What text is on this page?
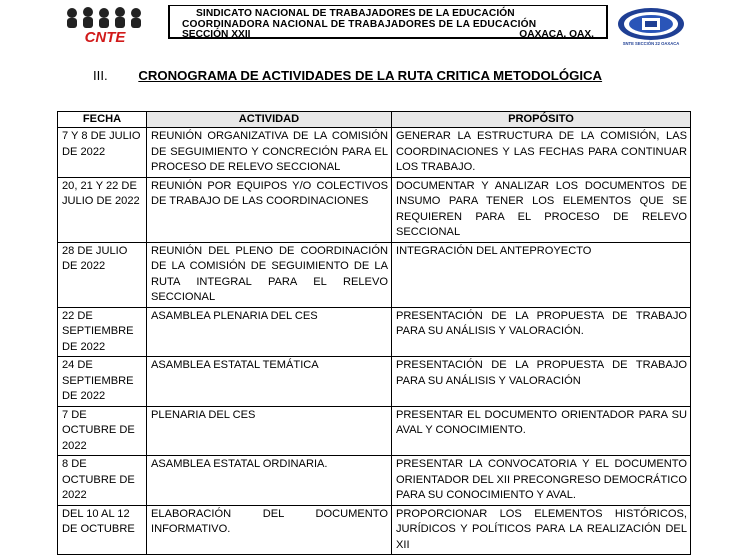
CNTE
SINDICATO NACIONAL DE TRABAJADORES DE LA EDUCACIÓN
COORDINADORA NACIONAL DE TRABAJADORES DE LA EDUCACIÓN
SECCIÓN XXII	OAXACA, OAX.
SNTE SECCIÓN 22 OAXACA
III. CRONOGRAMA DE ACTIVIDADES DE LA RUTA CRITICA METODOLÓGICA
FECHA	ACTIVIDAD	PROPÓSITO
7 Y 8 DE JULIO DE 2022	REUNIÓN ORGANIZATIVA DE LA COMISIÓN DE SEGUIMIENTO Y CONCRECIÓN PARA EL PROCESO DE RELEVO SECCIONAL	GENERAR LA ESTRUCTURA DE LA COMISIÓN, LAS COORDINACIONES Y LAS FECHAS PARA CONTINUAR LOS TRABAJO.
20, 21 Y 22 DE JULIO DE 2022	REUNIÓN POR EQUIPOS Y/O COLECTIVOS DE TRABAJO DE LAS COORDINACIONES	DOCUMENTAR Y ANALIZAR LOS DOCUMENTOS DE INSUMO PARA TENER LOS ELEMENTOS QUE SE REQUIEREN PARA EL PROCESO DE RELEVO SECCIONAL
28 DE JULIO DE 2022	REUNIÓN DEL PLENO DE COORDINACIÓN DE LA COMISIÓN DE SEGUIMIENTO DE LA RUTA INTEGRAL PARA EL RELEVO SECCIONAL	INTEGRACIÓN DEL ANTEPROYECTO
22 DE SEPTIEMBRE DE 2022	ASAMBLEA PLENARIA DEL CES	PRESENTACIÓN DE LA PROPUESTA DE TRABAJO PARA SU ANÁLISIS Y VALORACIÓN.
24 DE SEPTIEMBRE DE 2022	ASAMBLEA ESTATAL TEMÁTICA	PRESENTACIÓN DE LA PROPUESTA DE TRABAJO PARA SU ANÁLISIS Y VALORACIÓN
7 DE OCTUBRE DE 2022	PLENARIA DEL CES	PRESENTAR EL DOCUMENTO ORIENTADOR PARA SU AVAL Y CONOCIMIENTO.
8 DE OCTUBRE DE 2022	ASAMBLEA ESTATAL ORDINARIA.	PRESENTAR LA CONVOCATORIA Y EL DOCUMENTO ORIENTADOR DEL XII PRECONGRESO DEMOCRÁTICO PARA SU CONOCIMIENTO Y AVAL.
DEL 10 AL 12 DE OCTUBRE	ELABORACIÓN DEL DOCUMENTO INFORMATIVO.	PROPORCIONAR LOS ELEMENTOS HISTÓRICOS, JURÍDICOS Y POLÍTICOS PARA LA REALIZACIÓN DEL XII
